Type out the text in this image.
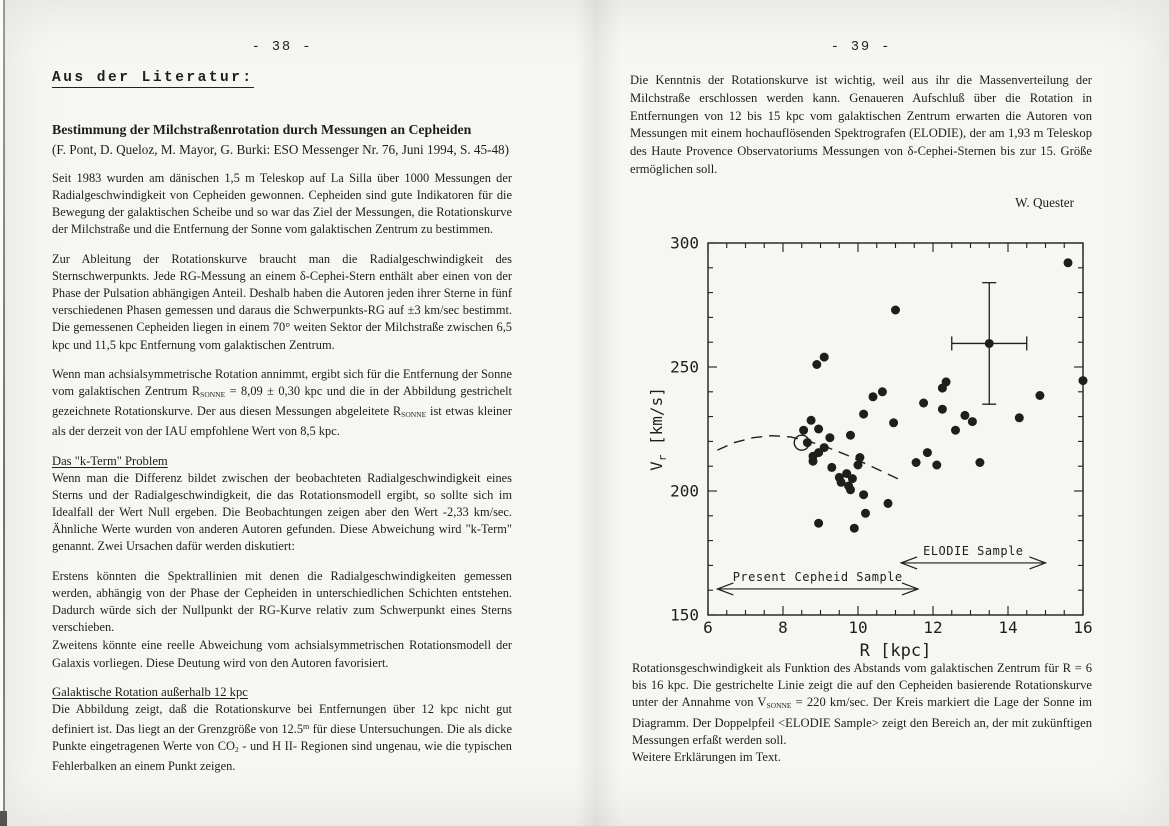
- 38 -
Aus der Literatur:
Bestimmung der Milchstraßenrotation durch Messungen an Cepheiden
(F. Pont, D. Queloz, M. Mayor, G. Burki: ESO Messenger Nr. 76, Juni 1994, S. 45-48)

Seit 1983 wurden am dänischen 1,5 m Teleskop auf La Silla über 1000 Messungen der Radialgeschwindigkeit von Cepheiden gewonnen. Cepheiden sind gute Indikatoren für die Bewegung der galaktischen Scheibe und so war das Ziel der Messungen, die Rotationskurve der Milchstraße und die Entfernung der Sonne vom galaktischen Zentrum zu bestimmen.

Zur Ableitung der Rotationskurve braucht man die Radialgeschwindigkeit des Sternschwerpunkts. Jede RG-Messung an einem δ-Cephei-Stern enthält aber einen von der Phase der Pulsation abhängigen Anteil. Deshalb haben die Autoren jeden ihrer Sterne in fünf verschiedenen Phasen gemessen und daraus die Schwerpunkts-RG auf ±3 km/sec bestimmt. Die gemessenen Cepheiden liegen in einem 70° weiten Sektor der Milchstraße zwischen 6,5 kpc und 11,5 kpc Entfernung vom galaktischen Zentrum.

Wenn man achsialsymmetrische Rotation annimmt, ergibt sich für die Entfernung der Sonne vom galaktischen Zentrum $R_{SONNE} = 8,09 \pm 0,30$ kpc und die in der Abbildung gestrichelt gezeichnete Rotationskurve. Der aus diesen Messungen abgeleitete $R_{SONNE}$ ist etwas kleiner als der derzeit von der IAU empfohlene Wert von 8,5 kpc.

Das "k-Term" Problem

Wenn man die Differenz bildet zwischen der beobachteten Radialgeschwindigkeit eines Sterns und der Radialgeschwindigkeit, die das Rotationsmodell ergibt, so sollte sich im Idealfall der Wert Null ergeben. Die Beobachtungen zeigen aber den Wert -2,33 km/sec. Ähnliche Werte wurden von anderen Autoren gefunden. Diese Abweichung wird "k-Term" genannt. Zwei Ursachen dafür werden diskutiert:

Erstens könnten die Spektrallinien mit denen die Radialgeschwindigkeiten gemessen werden, abhängig von der Phase der Cepheiden in unterschiedlichen Schichten entstehen. Dadurch würde sich der Nullpunkt der RG-Kurve relativ zum Schwerpunkt eines Sterns verschieben.

Zweitens könnte eine reelle Abweichung vom achsialsymmetrischen Rotationsmodell der Galaxis vorliegen. Diese Deutung wird von den Autoren favorisiert.

Galaktische Rotation außerhalb 12 kpc

Die Abbildung zeigt, daß die Rotationskurve bei Entfernungen über 12 kpc nicht gut definiert ist. Das liegt an der Grenzgröße von 12.5$^m$ für diese Untersuchungen. Die als dicke Punkte eingetragenen Werte von $CO_2$ - und H II- Regionen sind ungenau, wie die typischen Fehlerbalken an einem Punkt zeigen.

- 39 -

Die Kenntnis der Rotationskurve ist wichtig, weil aus ihr die Massenverteilung der Milchstraße erschlossen werden kann. Genaueren Aufschluß über die Rotation in Entfernungen von 12 bis 15 kpc vom galaktischen Zentrum erwarten die Autoren von Messungen mit einem hochauflösenden Spektrografen (ELODIE), der am 1,93 m Teleskop des Haute Provence Observatoriums Messungen von δ-Cephei-Sternen bis zur 15. Größe ermöglichen soll.

W. Quester
6	8	10	12	14	16
150
200
250
300
R [kpc]
$V_r$ [km/s]
Present Cepheid Sample
ELODIE Sample

Rotationsgeschwindigkeit als Funktion des Abstands vom galaktischen Zentrum für R = 6 bis 16 kpc. Die gestrichelte Linie zeigt die auf den Cepheiden basierende Rotationskurve unter der Annahme von $V_{SONNE} = 220$ km/sec. Der Kreis markiert die Lage der Sonne im Diagramm. Der Doppelpfeil <ELODIE Sample> zeigt den Bereich an, der mit zukünftigen Messungen erfaßt werden soll.

Weitere Erklärungen im Text.
